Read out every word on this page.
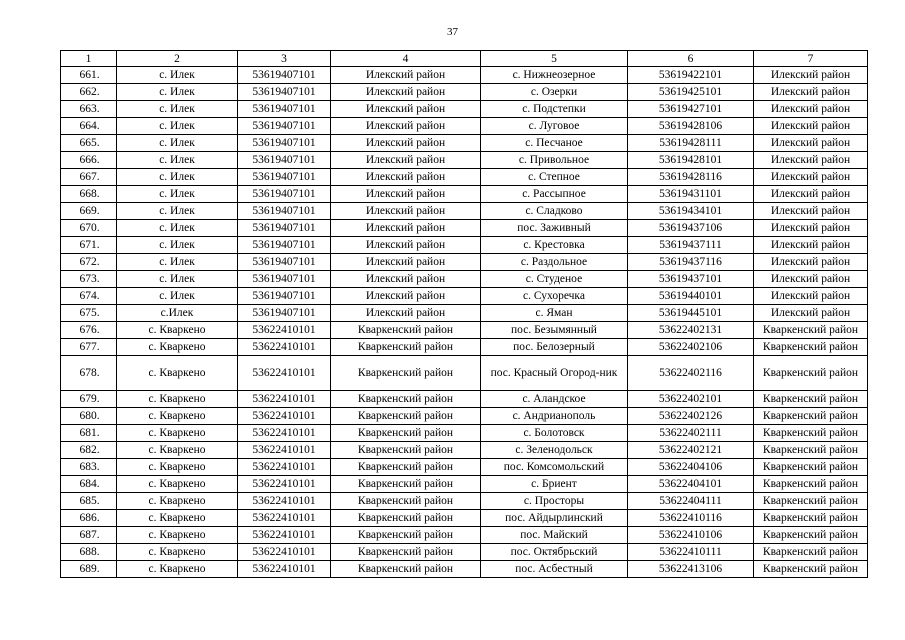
37
1	2	3	4	5	6	7
661.	с. Илек	53619407101	Илекский район	с. Нижнеозерное	53619422101	Илекский район
662.	с. Илек	53619407101	Илекский район	с. Озерки	53619425101	Илекский район
663.	с. Илек	53619407101	Илекский район	с. Подстепки	53619427101	Илекский район
664.	с. Илек	53619407101	Илекский район	с. Луговое	53619428106	Илекский район
665.	с. Илек	53619407101	Илекский район	с. Песчаное	53619428111	Илекский район
666.	с. Илек	53619407101	Илекский район	с. Привольное	53619428101	Илекский район
667.	с. Илек	53619407101	Илекский район	с. Степное	53619428116	Илекский район
668.	с. Илек	53619407101	Илекский район	с. Рассыпное	53619431101	Илекский район
669.	с. Илек	53619407101	Илекский район	с. Сладково	53619434101	Илекский район
670.	с. Илек	53619407101	Илекский район	пос. Заживный	53619437106	Илекский район
671.	с. Илек	53619407101	Илекский район	с. Крестовка	53619437111	Илекский район
672.	с. Илек	53619407101	Илекский район	с. Раздольное	53619437116	Илекский район
673.	с. Илек	53619407101	Илекский район	с. Студеное	53619437101	Илекский район
674.	с. Илек	53619407101	Илекский район	с. Сухоречка	53619440101	Илекский район
675.	с.Илек	53619407101	Илекский район	с. Яман	53619445101	Илекский район
676.	с. Кваркено	53622410101	Кваркенский район	пос. Безымянный	53622402131	Кваркенский район
677.	с. Кваркено	53622410101	Кваркенский район	пос. Белозерный	53622402106	Кваркенский район
678.	с. Кваркено	53622410101	Кваркенский район	пос. Красный Огород-ник	53622402116	Кваркенский район
679.	с. Кваркено	53622410101	Кваркенский район	с. Аландское	53622402101	Кваркенский район
680.	с. Кваркено	53622410101	Кваркенский район	с. Андрианополь	53622402126	Кваркенский район
681.	с. Кваркено	53622410101	Кваркенский район	с. Болотовск	53622402111	Кваркенский район
682.	с. Кваркено	53622410101	Кваркенский район	с. Зеленодольск	53622402121	Кваркенский район
683.	с. Кваркено	53622410101	Кваркенский район	пос. Комсомольский	53622404106	Кваркенский район
684.	с. Кваркено	53622410101	Кваркенский район	с. Бриент	53622404101	Кваркенский район
685.	с. Кваркено	53622410101	Кваркенский район	с. Просторы	53622404111	Кваркенский район
686.	с. Кваркено	53622410101	Кваркенский район	пос. Айдырлинский	53622410116	Кваркенский район
687.	с. Кваркено	53622410101	Кваркенский район	пос. Майский	53622410106	Кваркенский район
688.	с. Кваркено	53622410101	Кваркенский район	пос. Октябрьский	53622410111	Кваркенский район
689.	с. Кваркено	53622410101	Кваркенский район	пос. Асбестный	53622413106	Кваркенский район
